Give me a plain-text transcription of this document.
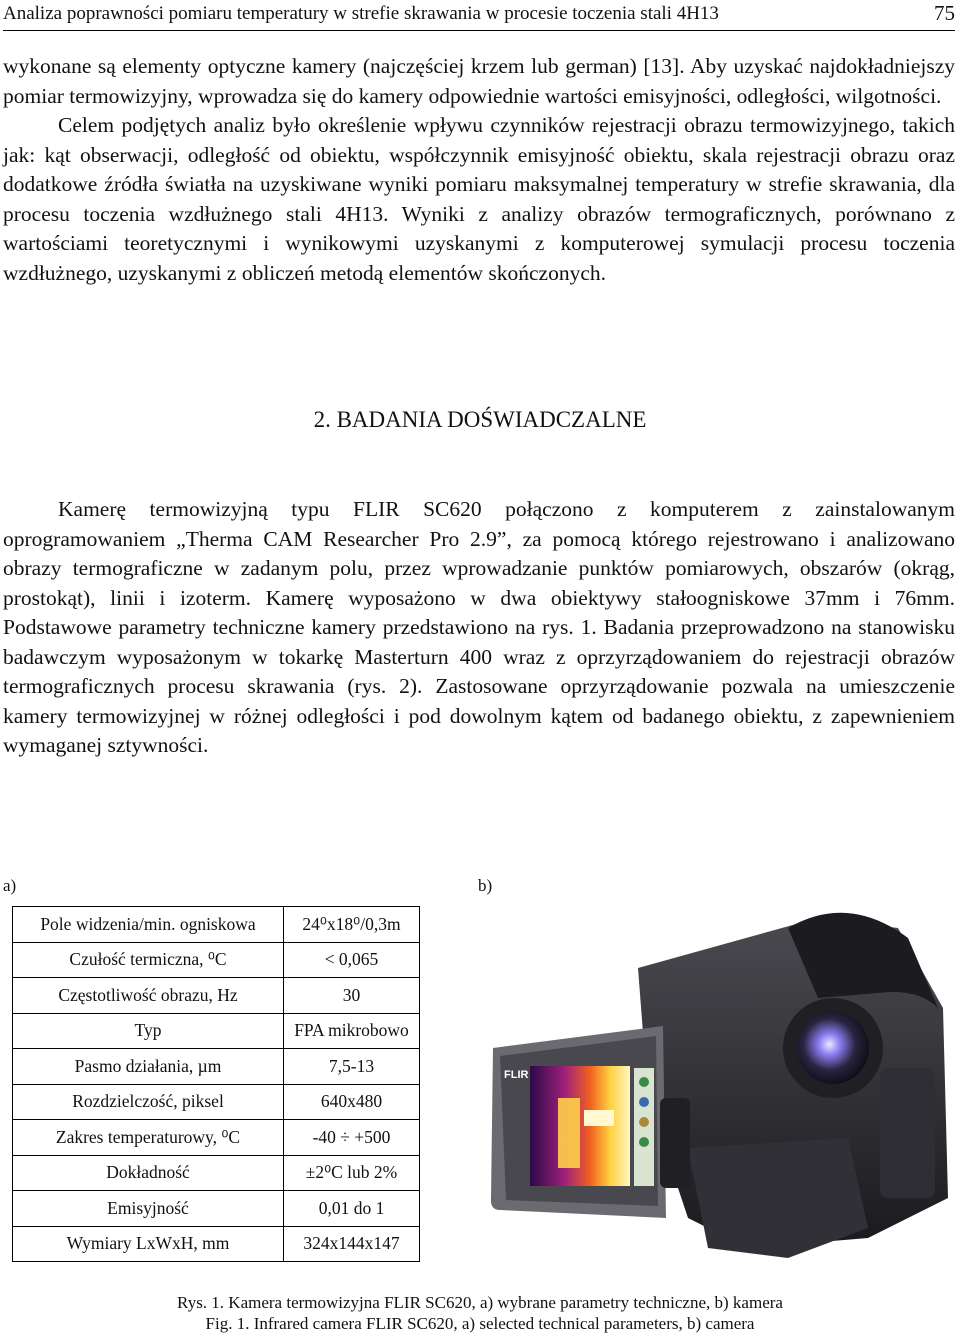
Analiza poprawności pomiaru temperatury w strefie skrawania w procesie toczenia stali 4H13	75

wykonane są elementy optyczne kamery (najczęściej krzem lub german) [13]. Aby uzyskać najdokładniejszy pomiar termowizyjny, wprowadza się do kamery odpowiednie wartości emisyjności, odległości, wilgotności.

Celem podjętych analiz było określenie wpływu czynników rejestracji obrazu termowizyjnego, takich jak: kąt obserwacji, odległość od obiektu, współczynnik emisyjność obiektu, skala rejestracji obrazu oraz dodatkowe źródła światła na uzyskiwane wyniki pomiaru maksymalnej temperatury w strefie skrawania, dla procesu toczenia wzdłużnego stali 4H13. Wyniki z analizy obrazów termograficznych, porównano z wartościami teoretycznymi i wynikowymi uzyskanymi z komputerowej symulacji procesu toczenia wzdłużnego, uzyskanymi z obliczeń metodą elementów skończonych.

2. BADANIA DOŚWIADCZALNE

Kamerę termowizyjną typu FLIR SC620 połączono z komputerem z zainstalowanym oprogramowaniem „Therma CAM Researcher Pro 2.9”, za pomocą którego rejestrowano i analizowano obrazy termograficzne w zadanym polu, przez wprowadzanie punktów pomiarowych, obszarów (okrąg, prostokąt), linii i izoterm. Kamerę wyposażono w dwa obiektywy stałoogniskowe 37mm i 76mm. Podstawowe parametry techniczne kamery przedstawiono na rys. 1. Badania przeprowadzono na stanowisku badawczym wyposażonym w tokarkę Masterturn 400 wraz z oprzyrządowaniem do rejestracji obrazów termograficznych procesu skrawania (rys. 2). Zastosowane oprzyrządowanie pozwala na umieszczenie kamery termowizyjnej w różnej odległości i pod dowolnym kątem od badanego obiektu, z zapewnieniem wymaganej sztywności.

a)	b)
Pole widzenia/min. ogniskowa	24⁰x18⁰/0,3m
Czułość termiczna, ⁰C	< 0,065
Częstotliwość obrazu, Hz	30
Typ	FPA mikrobowo
Pasmo działania, µm	7,5-13
Rozdzielczość, piksel	640x480
Zakres temperaturowy, ⁰C	-40 ÷ +500
Dokładność	±2⁰C lub 2%
Emisyjność	0,01 do 1
Wymiary LxWxH, mm	324x144x147
FLIR
Rys. 1. Kamera termowizyjna FLIR SC620, a) wybrane parametry techniczne, b) kamera
Fig. 1. Infrared camera FLIR SC620, a) selected technical parameters, b) camera
